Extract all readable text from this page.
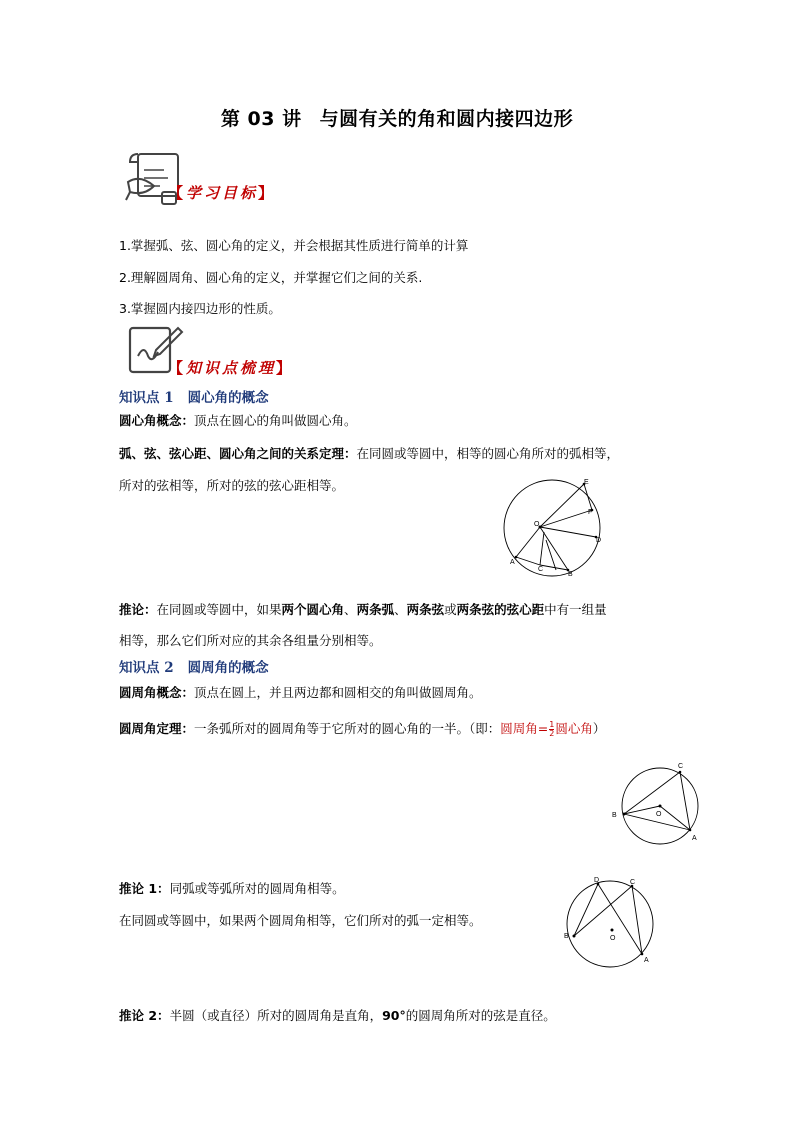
第 03 讲 与圆有关的角和圆内接四边形
【学习目标】
1.掌握弧、弦、圆心角的定义，并会根据其性质进行简单的计算
2.理解圆周角、圆心角的定义，并掌握它们之间的关系.
3.掌握圆内接四边形的性质。
【知识点梳理】
知识点 1 圆心角的概念
圆心角概念：顶点在圆心的角叫做圆心角。
弧、弦、弦心距、圆心角之间的关系定理：在同圆或等圆中，相等的圆心角所对的弧相等，
所对的弦相等，所对的弦的弦心距相等。	E
F
O
D
A
C
B
推论：在同圆或等圆中，如果两个圆心角、两条弧、两条弦或两条弦的弦心距中有一组量
相等，那么它们所对应的其余各组量分别相等。
知识点 2 圆周角的概念
圆周角概念：顶点在圆上，并且两边都和圆相交的角叫做圆周角。
圆周角定理：一条弧所对的圆周角等于它所对的圆心角的一半。（即：圆周角= $\frac{1}{2}$ 圆心角）
C
B	O
A
推论 1：同弧或等弧所对的圆周角相等。
在同圆或等圆中，如果两个圆周角相等，它们所对的弧一定相等。
D	C
B	O
A
推论 2：半圆（或直径）所对的圆周角是直角，90°的圆周角所对的弦是直径。
